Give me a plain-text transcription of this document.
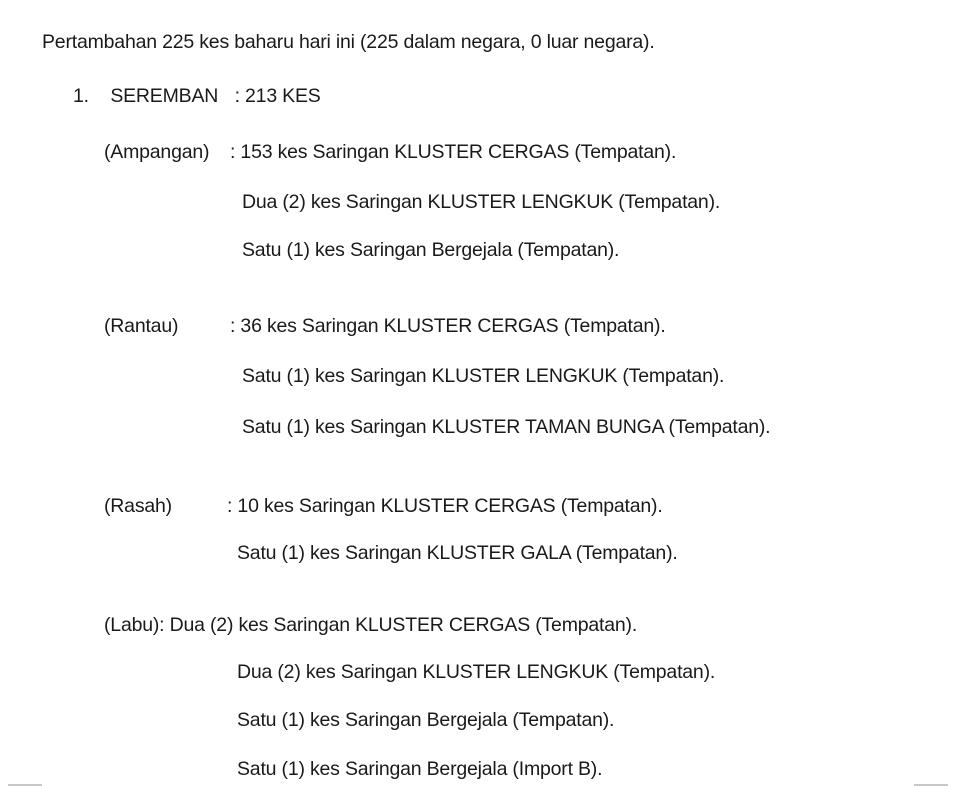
Pertambahan 225 kes baharu hari ini (225 dalam negara, 0 luar negara).
1. SEREMBAN : 213 KES
(Ampangan) : 153 kes Saringan KLUSTER CERGAS (Tempatan).
Dua (2) kes Saringan KLUSTER LENGKUK (Tempatan).
Satu (1) kes Saringan Bergejala (Tempatan).
(Rantau)	: 36 kes Saringan KLUSTER CERGAS (Tempatan).
Satu (1) kes Saringan KLUSTER LENGKUK (Tempatan).
Satu (1) kes Saringan KLUSTER TAMAN BUNGA (Tempatan).
(Rasah)	: 10 kes Saringan KLUSTER CERGAS (Tempatan).
Satu (1) kes Saringan KLUSTER GALA (Tempatan).
(Labu): Dua (2) kes Saringan KLUSTER CERGAS (Tempatan).
Dua (2) kes Saringan KLUSTER LENGKUK (Tempatan).
Satu (1) kes Saringan Bergejala (Tempatan).
Satu (1) kes Saringan Bergejala (Import B).
